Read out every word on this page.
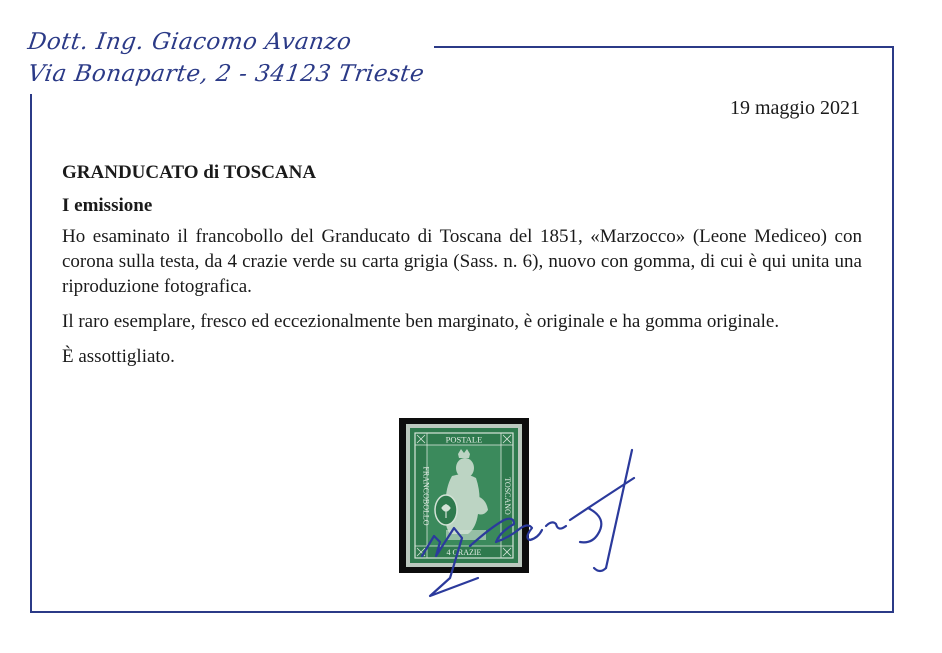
Dott. Ing. Giacomo Avanzo
Via Bonaparte, 2 - 34123 Trieste
19 maggio 2021

GRANDUCATO di TOSCANA

I emissione

Ho esaminato il francobollo del Granducato di Toscana del 1851, «Marzocco» (Leone Mediceo) con corona sulla testa, da 4 crazie verde su carta grigia (Sass. n. 6), nuovo con gomma, di cui è qui unita una riproduzione fotografica.

Il raro esemplare, fresco ed eccezionalmente ben marginato, è originale e ha gomma originale.

È assottigliato.

POSTALE
FRANCOBOLLO	TOSCANO
4 CRAZIE
